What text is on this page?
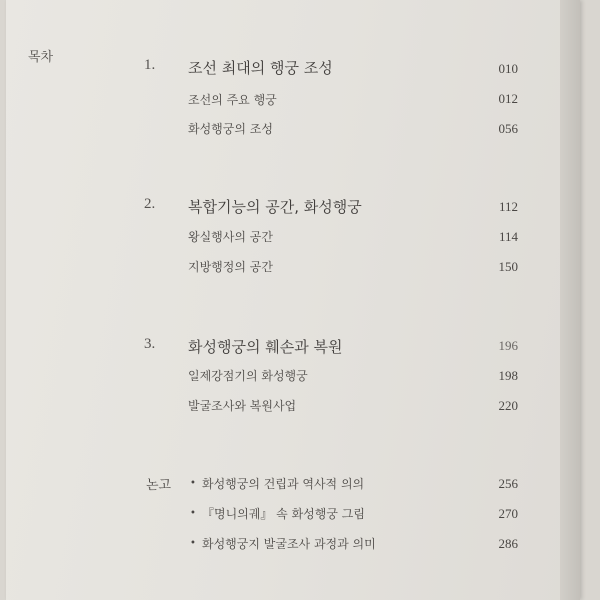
목차	1. 조선 최대의 행궁 조성	010
조선의 주요 행궁	012
화성행궁의 조성	056
2. 복합기능의 공간, 화성행궁	112
왕실행사의 공간	114
지방행정의 공간	150
3. 화성행궁의 훼손과 복원	196
일제강점기의 화성행궁	198
발굴조사와 복원사업	220
논고 • 화성행궁의 건립과 역사적 의의	256
• 『명니의궤』 속 화성행궁 그림	270
• 화성행궁지 발굴조사 과정과 의미	286
